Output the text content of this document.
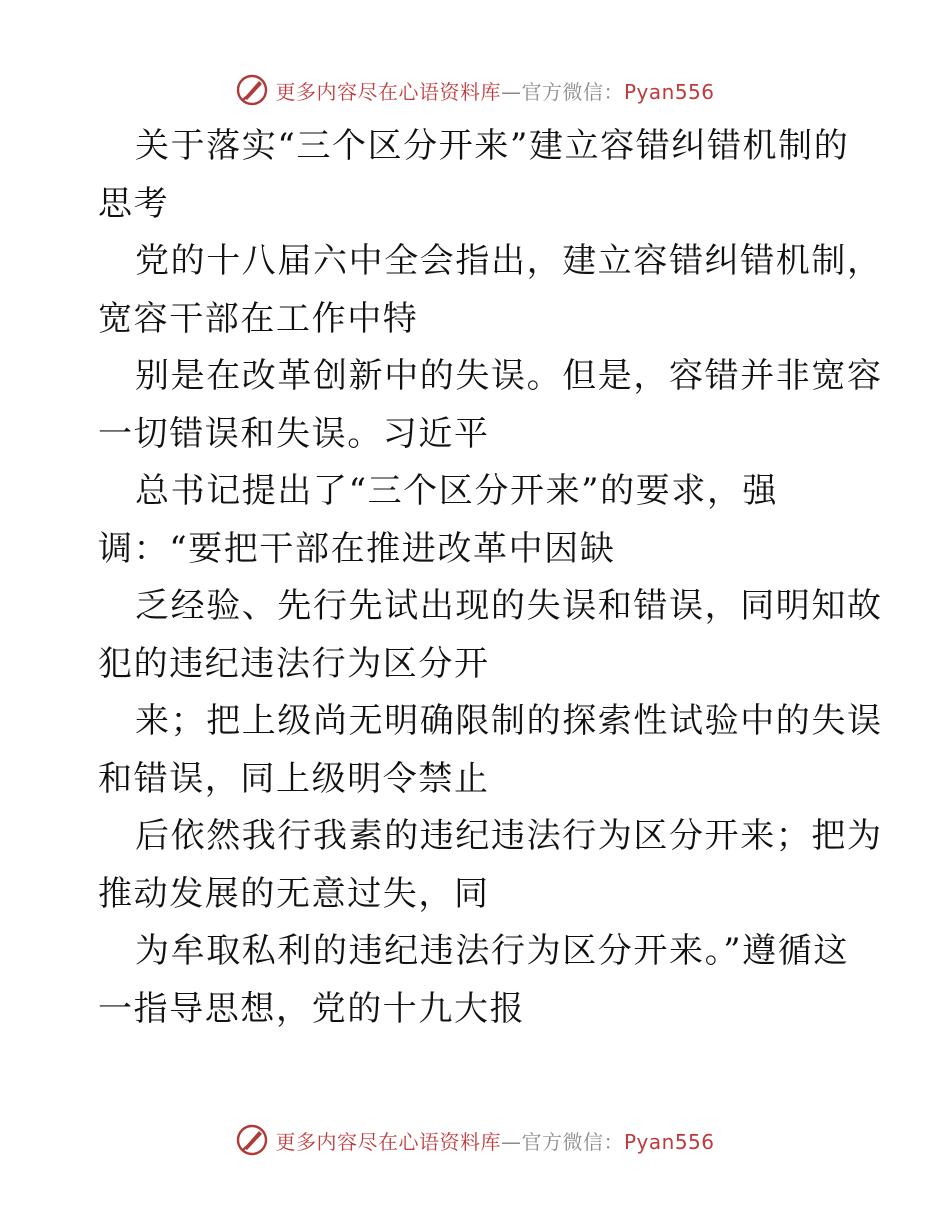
更多内容尽在心语资料库—官方微信：Pyan556
关于落实“三个区分开来”建立容错纠错机制的
思考
党的十八届六中全会指出，建立容错纠错机制，
宽容干部在工作中特
别是在改革创新中的失误。但是，容错并非宽容
一切错误和失误。习近平
总书记提出了“三个区分开来”的要求，强
调：“要把干部在推进改革中因缺
乏经验、先行先试出现的失误和错误，同明知故
犯的违纪违法行为区分开
来；把上级尚无明确限制的探索性试验中的失误
和错误，同上级明令禁止
后依然我行我素的违纪违法行为区分开来；把为
推动发展的无意过失，同
为牟取私利的违纪违法行为区分开来。”遵循这
一指导思想，党的十九大报
更多内容尽在心语资料库—官方微信：Pyan556
